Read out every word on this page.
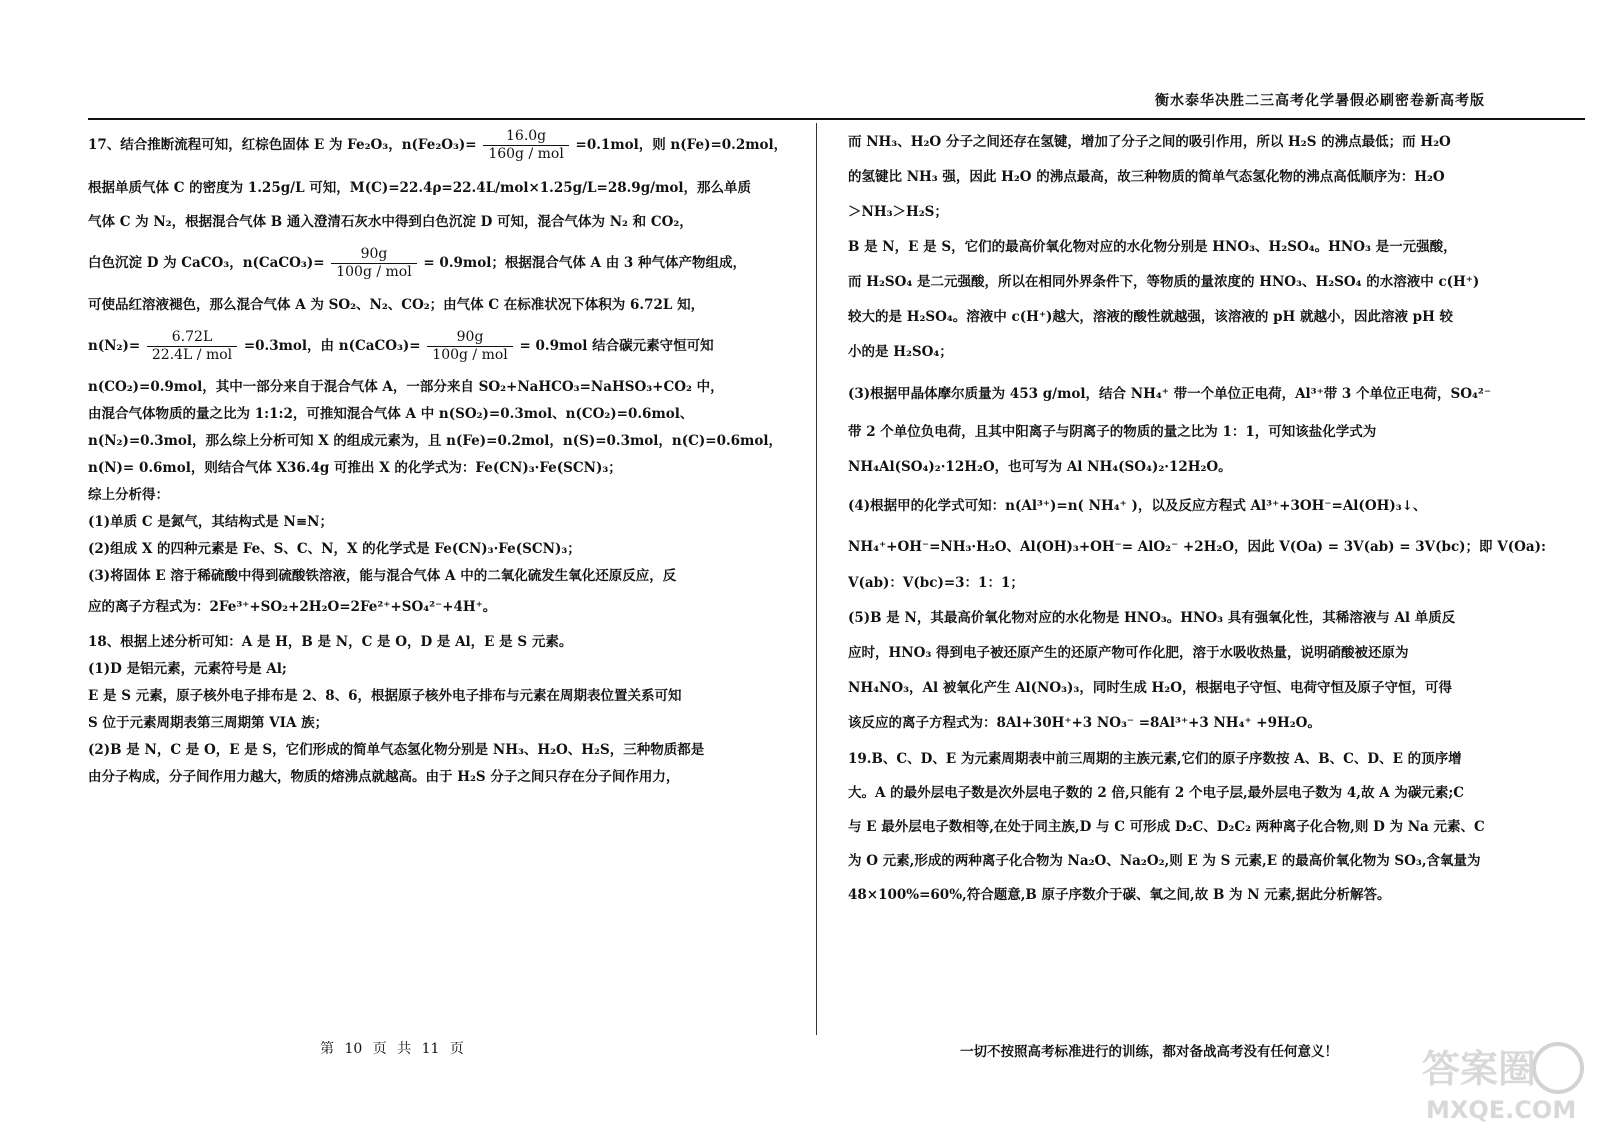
衡水泰华决胜二三高考化学暑假必刷密卷新高考版

17、结合推断流程可知，红棕色固体 E 为 Fe₂O₃，$n(Fe_2O_3)= \frac{16.0g}{\text{160g / mol}} =0.1mol$，则 n(Fe)=0.2mol，

根据单质气体 C 的密度为 1.25g/L 可知，M(C)=22.4ρ=22.4L/mol×1.25g/L=28.9g/mol，那么单质

气体 C 为 N₂，根据混合气体 B 通入澄清石灰水中得到白色沉淀 D 可知，混合气体为 N₂ 和 CO₂，

白色沉淀 D 为 CaCO₃，n(CaCO₃)= $\frac{90g}{\text{100g / mol}} = 0.9mol$；根据混合气体 A 由 3 种气体产物组成，

可使品红溶液褪色，那么混合气体 A 为 SO₂、N₂、CO₂；由气体 C 在标准状况下体积为 6.72L 知，

$n(N_2)= \frac{6.72L}{\text{22.4L / mol}} =0.3mol$，由 n(CaCO₃)= $\frac{90g}{\text{100g / mol}} = 0.9mol$ 结合碳元素守恒可知

n(CO₂)=0.9mol，其中一部分来自于混合气体 A，一部分来自 SO₂+NaHCO₃=NaHSO₃+CO₂ 中，

由混合气体物质的量之比为 1:1:2，可推知混合气体 A 中 n(SO₂)=0.3mol、n(CO₂)=0.6mol、

n(N₂)=0.3mol，那么综上分析可知 X 的组成元素为，且 n(Fe)=0.2mol，n(S)=0.3mol，n(C)=0.6mol，

n(N)= 0.6mol，则结合气体 X36.4g 可推出 X 的化学式为：Fe(CN)₃·Fe(SCN)₃；

综上分析得：

(1)单质 C 是氮气，其结构式是 N≡N；

(2)组成 X 的四种元素是 Fe、S、C、N，X 的化学式是 Fe(CN)₃·Fe(SCN)₃；

(3)将固体 E 溶于稀硫酸中得到硫酸铁溶液，能与混合气体 A 中的二氧化硫发生氧化还原反应，反

应的离子方程式为：2Fe³⁺+SO₂+2H₂O=2Fe²⁺+SO₄²⁻+4H⁺。

18、根据上述分析可知：A 是 H，B 是 N，C 是 O，D 是 Al，E 是 S 元素。

(1)D 是铝元素，元素符号是 Al;

E 是 S 元素，原子核外电子排布是 2、8、6，根据原子核外电子排布与元素在周期表位置关系可知

S 位于元素周期表第三周期第 VIA 族；

(2)B 是 N，C 是 O，E 是 S，它们形成的简单气态氢化物分别是 NH₃、H₂O、H₂S，三种物质都是

由分子构成，分子间作用力越大，物质的熔沸点就越高。由于 H₂S 分子之间只存在分子间作用力，

而 NH₃、H₂O 分子之间还存在氢键，增加了分子之间的吸引作用，所以 H₂S 的沸点最低；而 H₂O

的氢键比 NH₃ 强，因此 H₂O 的沸点最高，故三种物质的简单气态氢化物的沸点高低顺序为：H₂O

＞NH₃＞H₂S；

B 是 N，E 是 S，它们的最高价氧化物对应的水化物分别是 HNO₃、H₂SO₄。HNO₃ 是一元强酸，

而 H₂SO₄ 是二元强酸，所以在相同外界条件下，等物质的量浓度的 HNO₃、H₂SO₄ 的水溶液中 c(H⁺)

较大的是 H₂SO₄。溶液中 c(H⁺)越大，溶液的酸性就越强，该溶液的 pH 就越小，因此溶液 pH 较

小的是 H₂SO₄；

(3)根据甲晶体摩尔质量为 453 g/mol，结合 NH₄⁺ 带一个单位正电荷，Al³⁺带 3 个单位正电荷，SO₄²⁻

带 2 个单位负电荷，且其中阳离子与阴离子的物质的量之比为 1：1，可知该盐化学式为

NH₄Al(SO₄)₂·12H₂O，也可写为 Al NH₄(SO₄)₂·12H₂O。

(4)根据甲的化学式可知：n(Al³⁺)=n( NH₄⁺ )，以及反应方程式 Al³⁺+3OH⁻=Al(OH)₃↓、

NH₄⁺+OH⁻=NH₃·H₂O、Al(OH)₃+OH⁻= AlO₂⁻ +2H₂O，因此 V(Oa) = 3V(ab) = 3V(bc)；即 V(Oa):

V(ab)：V(bc)=3：1：1；

(5)B 是 N，其最高价氧化物对应的水化物是 HNO₃。HNO₃ 具有强氧化性，其稀溶液与 Al 单质反

应时，HNO₃ 得到电子被还原产生的还原产物可作化肥，溶于水吸收热量，说明硝酸被还原为

NH₄NO₃，Al 被氧化产生 Al(NO₃)₃，同时生成 H₂O，根据电子守恒、电荷守恒及原子守恒，可得

该反应的离子方程式为：8Al+30H⁺+3 NO₃⁻ =8Al³⁺+3 NH₄⁺ +9H₂O。

19.B、C、D、E 为元素周期表中前三周期的主族元素,它们的原子序数按 A、B、C、D、E 的顶序增

大。A 的最外层电子数是次外层电子数的 2 倍,只能有 2 个电子层,最外层电子数为 4,故 A 为碳元素;C

与 E 最外层电子数相等,在处于同主族,D 与 C 可形成 D₂C、D₂C₂ 两种离子化合物,则 D 为 Na 元素、C

为 O 元素,形成的两种离子化合物为 Na₂O、Na₂O₂,则 E 为 S 元素,E 的最高价氧化物为 SO₃,含氧量为

48×100%=60%,符合题意,B 原子序数介于碳、氧之间,故 B 为 N 元素,据此分析解答。

第 10 页 共 11 页	一切不按照高考标准进行的训练，都对备战高考没有任何意义！ 答案圈
MXQE.COM
